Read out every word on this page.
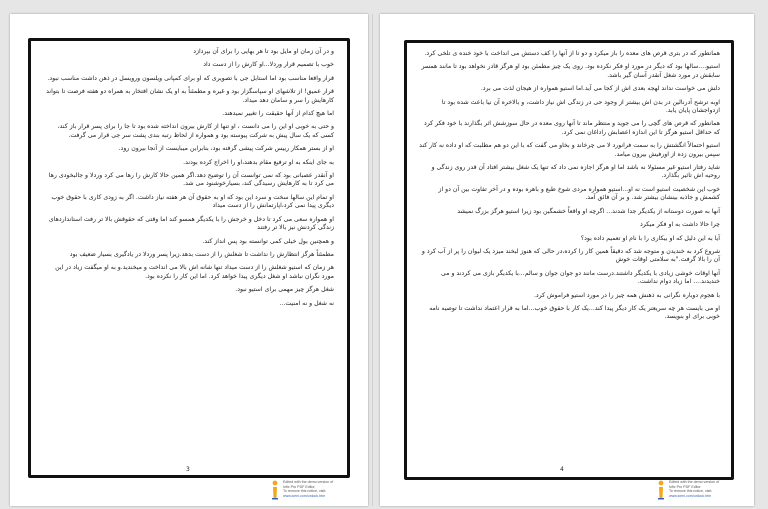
و در آن زمان او مایل بود تا هر بهایی را برای آن بپردازد

خوب با تصمیم قرار وردلا...او کارش را از دست داد

قرار واقعا مناسب بود اما استابل جی با تصویری که او برای کمپانی ویلسون ورویسل در ذهن داشت مناسب نبود.

قرار عمیق! از تلاشهای او سپاسگزار بود و غیره و مطمئناً به او یک نشان افتخار به همراه دو هفته فرصت تا بتواند کارهایش را سر و سامان دهد میداد.

اما هیچ کدام از آنها حقیقت را تغییر نمیدهند.

و حتی به خوبی او این را می دانست ، او تنها از کارش بیرون انداخته شده بود تا جا را برای پسر قرار باز کند، کسی که یک سال پیش به شرکت پیوسته بود و همواره از لحاظ رتبه بندی پشت سر جی قرار می گرفت.

او از بستر همکار رییس شرکت پیشی گرفته بود، بنابراین میبایست از آنجا بیرون رود.

به جای اینکه به او ترفیع مقام بدهند،او را اخراج کرده بودند.

او آنقدر عصبانی بود که نمی توانست آن را توضیح دهد.اگر همین حالا کارش را رها می کرد وردلا و جالبخودی رها می کرد تا به کارهایش رسیدگی کند، بسیارخوشنود می شد.

او تمام این سالها سخت و سرد این بود که او به حقوق آن هر هفته نیاز داشت. اگر به زودی کاری با حقوق خوب دیگری پیدا نمی کرد،اپارتمانش را از دست میداد

او همواره سعی می کرد تا دخل و خرجش را با یکدیگر همسو کند اما وقتی که حقوقش بالا تر رفت استانداردهای زندگی کردنش نیز بالا تر رفتند

و همچنین بول خیلی کمی توانسته بود پس انداز کند.

مطمئناً هرگز انتظارش را نداشت تا شغلش را از دست بدهد.زیرا پسر وردلا در یادگیری بسیار ضعیف بود

هر زمان که استیو شغلش را از دست میداد تنها شانه اش بالا می انداخت و میخندید.و به او میگفت زیاد در این مورد نگران نباشد او شغل دیگری پیدا خواهد کرد. اما این کار را نکرده بود.

شغل هرگز چیز مهمی برای استیو نبود.

نه شغل و نه امنیت...

3
Edited with the demo version of
Infix Pro PDF Editor
To remove this notice, visit:
www.iceni.com/unlock.htm

همانطور که در بتری قرص های معده را باز میکرد و دو تا از آنها را کف دستش می انداخت با خود خنده ی تلخی کرد.

استیو....سالها بود که دیگر در مورد او فکر نکرده بود. روی یک چیز مطمئن بود او هرگز قادر نخواهد بود تا مانند همسر سابقش در مورد شغل آنقدر آسان گیر باشد.

دلش می خواست نداند لهجه بعدی اش از کجا می آید.اما استیو همواره از هیجان لذت می برد.

اوبه ترشح آدرنالین در بدن اش بیشتر از وجود حی در زندگی اش نیاز داشت، و بالاخره آن نیا باعث شده بود تا ازدواجشان پایان یابد.

همانطور که قرص های گچی را می جوید و منتظر ماند تا آنها روی معده در حال سوزشش اثر بگذارند با خود فکر کرد که حداقل استیو هرگز تا این اندازه اعصابش راداغان نمی کرد.

استیو احتمالاً انگشتش را به سمت فرانورد لا می چرخاند و بخاو می گفت که با این دو هم مطلبت که او داده نه کار کند سپس بیرون زده از اورفیش بیرون میامد.

شاید رفتار استیو غیر مسئولا نه باشد اما او هرگز اجازه نمی داد که تنها یک شغل بیشتر افتاد آن قدر روی زندگی و روحیه اش تاثیر بگذارد.

خوب این شخصیت استیو است نه او...استیو همواره مردی شوخ طبع و باهره بوده و در آخر تفاوت بین آن دو از کشمش و جاذبه بینشان بیشتر شد. و بر آن فائق آمد.

آنها به صورت دوستانه از یکدیگر جدا شدند... اگرچه او واقعاً خشمگین بود زیرا استیو هرگز بزرگ نمیشد

چرا حالا داشت به او فکر میکرد

آیا به این دلیل که او بیکاری را با نام او تعمیم داده بود؟

شروع کرد به خندیدن و متوجه شد که دقیقاً همین کار را کرده،در حالی که هنوز لبخند میزد یک لیوان را پر از آب کرد و آن را بالا گرفت."به سلامتی اوقات خوش

آنها اوقات خوشی زیادی با یکدیگر داشتند.درست مانند دو جوان جوان و سالم...با یکدیگر بازی می کردند و می خندیدند.... اما زیاد دوام نداشت.

با هجوم دوباره نگرانی به ذهنش همه چیز را در مورد استیو فراموش کرد.

او می بایست هر چه سریعتر یک کار دیگر پیدا کند...یک کار با حقوق خوب...اما به قرار اعتماد نداشت تا توصیه نامه خوبی برای او بنویسد.

4
Edited with the demo version of
Infix Pro PDF Editor
To remove this notice, visit:
www.iceni.com/unlock.htm
